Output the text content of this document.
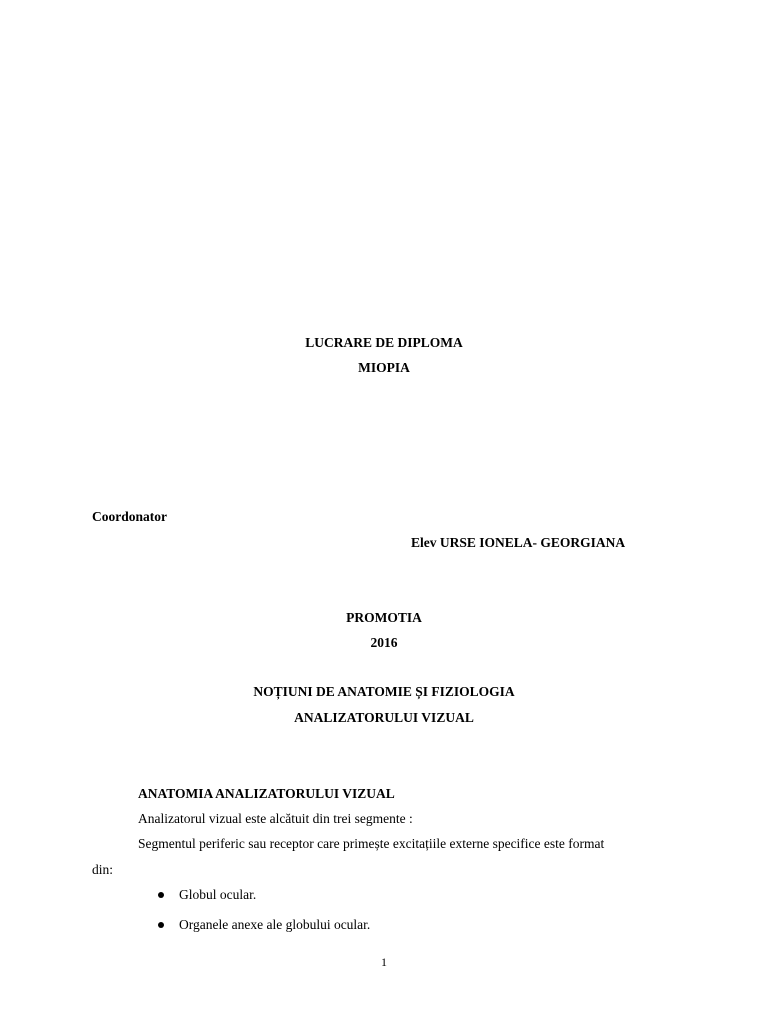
LUCRARE DE DIPLOMA
MIOPIA
Coordonator
Elev URSE IONELA- GEORGIANA
PROMOTIA
2016
NOȚIUNI DE ANATOMIE ȘI FIZIOLOGIA
ANALIZATORULUI VIZUAL
ANATOMIA ANALIZATORULUI VIZUAL
Analizatorul vizual este alcătuit din trei segmente :
Segmentul periferic sau receptor care primește excitațiile externe specifice este format
din:
Globul ocular.
Organele anexe ale globului ocular.
1
